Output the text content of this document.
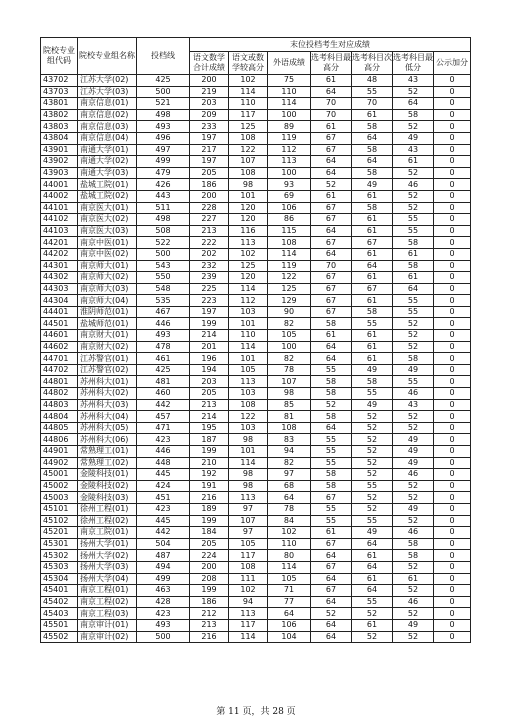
院校专业组代码	院校专业组名称	投档线	末位投档考生对应成绩						
			语文数学合计成绩	语文或数学较高分	外语成绩	选考科目最高分	选考科目次高分	选考科目最低分	公示加分
43702	江苏大学(02)	425	200	102	75	61	48	43	0
43703	江苏大学(03)	500	219	114	110	64	55	52	0
43801	南京信息(01)	521	203	110	114	70	70	64	0
43802	南京信息(02)	498	209	117	100	70	61	58	0
43803	南京信息(03)	493	233	125	89	61	58	52	0
43804	南京信息(04)	496	197	108	119	67	64	49	0
43901	南通大学(01)	497	217	122	112	67	58	43	0
43902	南通大学(02)	499	197	107	113	64	64	61	0
43903	南通大学(03)	479	205	108	100	64	58	52	0
44001	盐城工院(01)	426	186	98	93	52	49	46	0
44002	盐城工院(02)	443	200	101	69	61	61	52	0
44101	南京医大(01)	511	228	120	106	67	58	52	0
44102	南京医大(02)	498	227	120	86	67	61	55	0
44103	南京医大(03)	508	213	116	115	64	61	55	0
44201	南京中医(01)	522	222	113	108	67	67	58	0
44202	南京中医(02)	500	202	102	114	64	61	61	0
44301	南京师大(01)	543	232	125	119	70	64	58	0
44302	南京师大(02)	550	239	120	122	67	61	61	0
44303	南京师大(03)	548	225	114	125	67	67	64	0
44304	南京师大(04)	535	223	112	129	67	61	55	0
44401	淮阴师范(01)	467	197	103	90	67	58	55	0
44501	盐城师范(01)	446	199	101	82	58	55	52	0
44601	南京财大(01)	493	214	110	105	61	61	52	0
44602	南京财大(02)	478	201	114	100	64	61	52	0
44701	江苏警官(01)	461	196	101	82	64	61	58	0
44702	江苏警官(02)	425	194	105	78	55	49	49	0
44801	苏州科大(01)	481	203	113	107	58	58	55	0
44802	苏州科大(02)	460	205	103	98	58	55	46	0
44803	苏州科大(03)	442	213	108	85	52	49	43	0
44804	苏州科大(04)	457	214	122	81	58	52	52	0
44805	苏州科大(05)	471	195	103	108	64	52	52	0
44806	苏州科大(06)	423	187	98	83	55	52	49	0
44901	常熟理工(01)	446	199	101	94	55	52	49	0
44902	常熟理工(02)	448	210	114	82	55	52	49	0
45001	金陵科技(01)	445	192	98	97	58	52	46	0
45002	金陵科技(02)	424	191	98	68	58	55	52	0
45003	金陵科技(03)	451	216	113	64	67	52	52	0
45101	徐州工程(01)	423	189	97	78	55	52	49	0
45102	徐州工程(02)	445	199	107	84	55	55	52	0
45201	南京工院(01)	442	184	97	102	61	49	46	0
45301	扬州大学(01)	504	205	105	110	67	64	58	0
45302	扬州大学(02)	487	224	117	80	64	61	58	0
45303	扬州大学(03)	494	200	108	114	67	64	52	0
45304	扬州大学(04)	499	208	111	105	64	61	61	0
45401	南京工程(01)	463	199	102	71	67	64	52	0
45402	南京工程(02)	428	186	94	77	64	55	46	0
45403	南京工程(03)	423	212	113	64	52	52	52	0
45501	南京审计(01)	493	213	117	106	64	61	49	0
45502	南京审计(02)	500	216	114	104	64	52	52	0
第 11 页，共 28 页
